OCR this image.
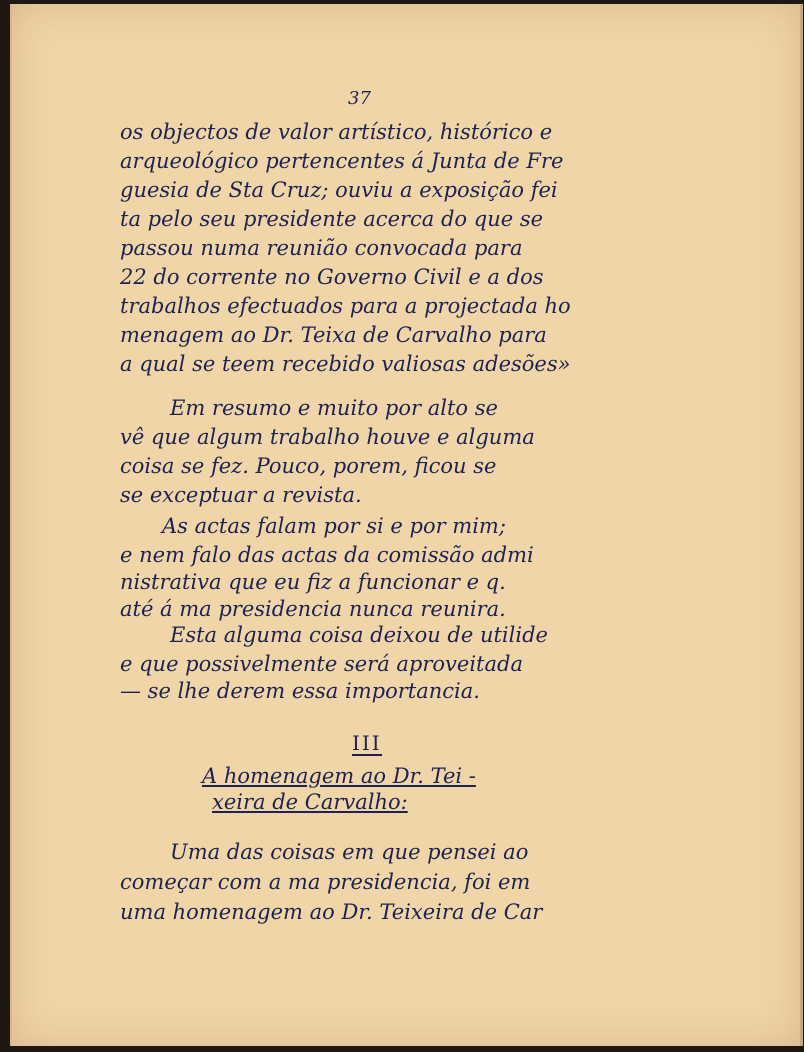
37
os objectos de valor artístico, histórico e
arqueológico pertencentes á Junta de Fre
guesia de Sta Cruz; ouviu a exposição fei
ta pelo seu presidente acerca do que se
passou numa reunião convocada para
22 do corrente no Governo Civil e a dos
trabalhos efectuados para a projectada ho
menagem ao Dr. Teixa de Carvalho para
a qual se teem recebido valiosas adesões»
Em resumo e muito por alto se
vê que algum trabalho houve e alguma
coisa se fez. Pouco, porem, ficou se
se exceptuar a revista.
As actas falam por si e por mim;
e nem falo das actas da comissão admi
nistrativa que eu fiz a funcionar e q.
até á ma presidencia nunca reunira.
Esta alguma coisa deixou de utilide
e que possivelmente será aproveitada
— se lhe derem essa importancia.
III
A homenagem ao Dr. Tei -
xeira de Carvalho:
Uma das coisas em que pensei ao
começar com a ma presidencia, foi em
uma homenagem ao Dr. Teixeira de Car
